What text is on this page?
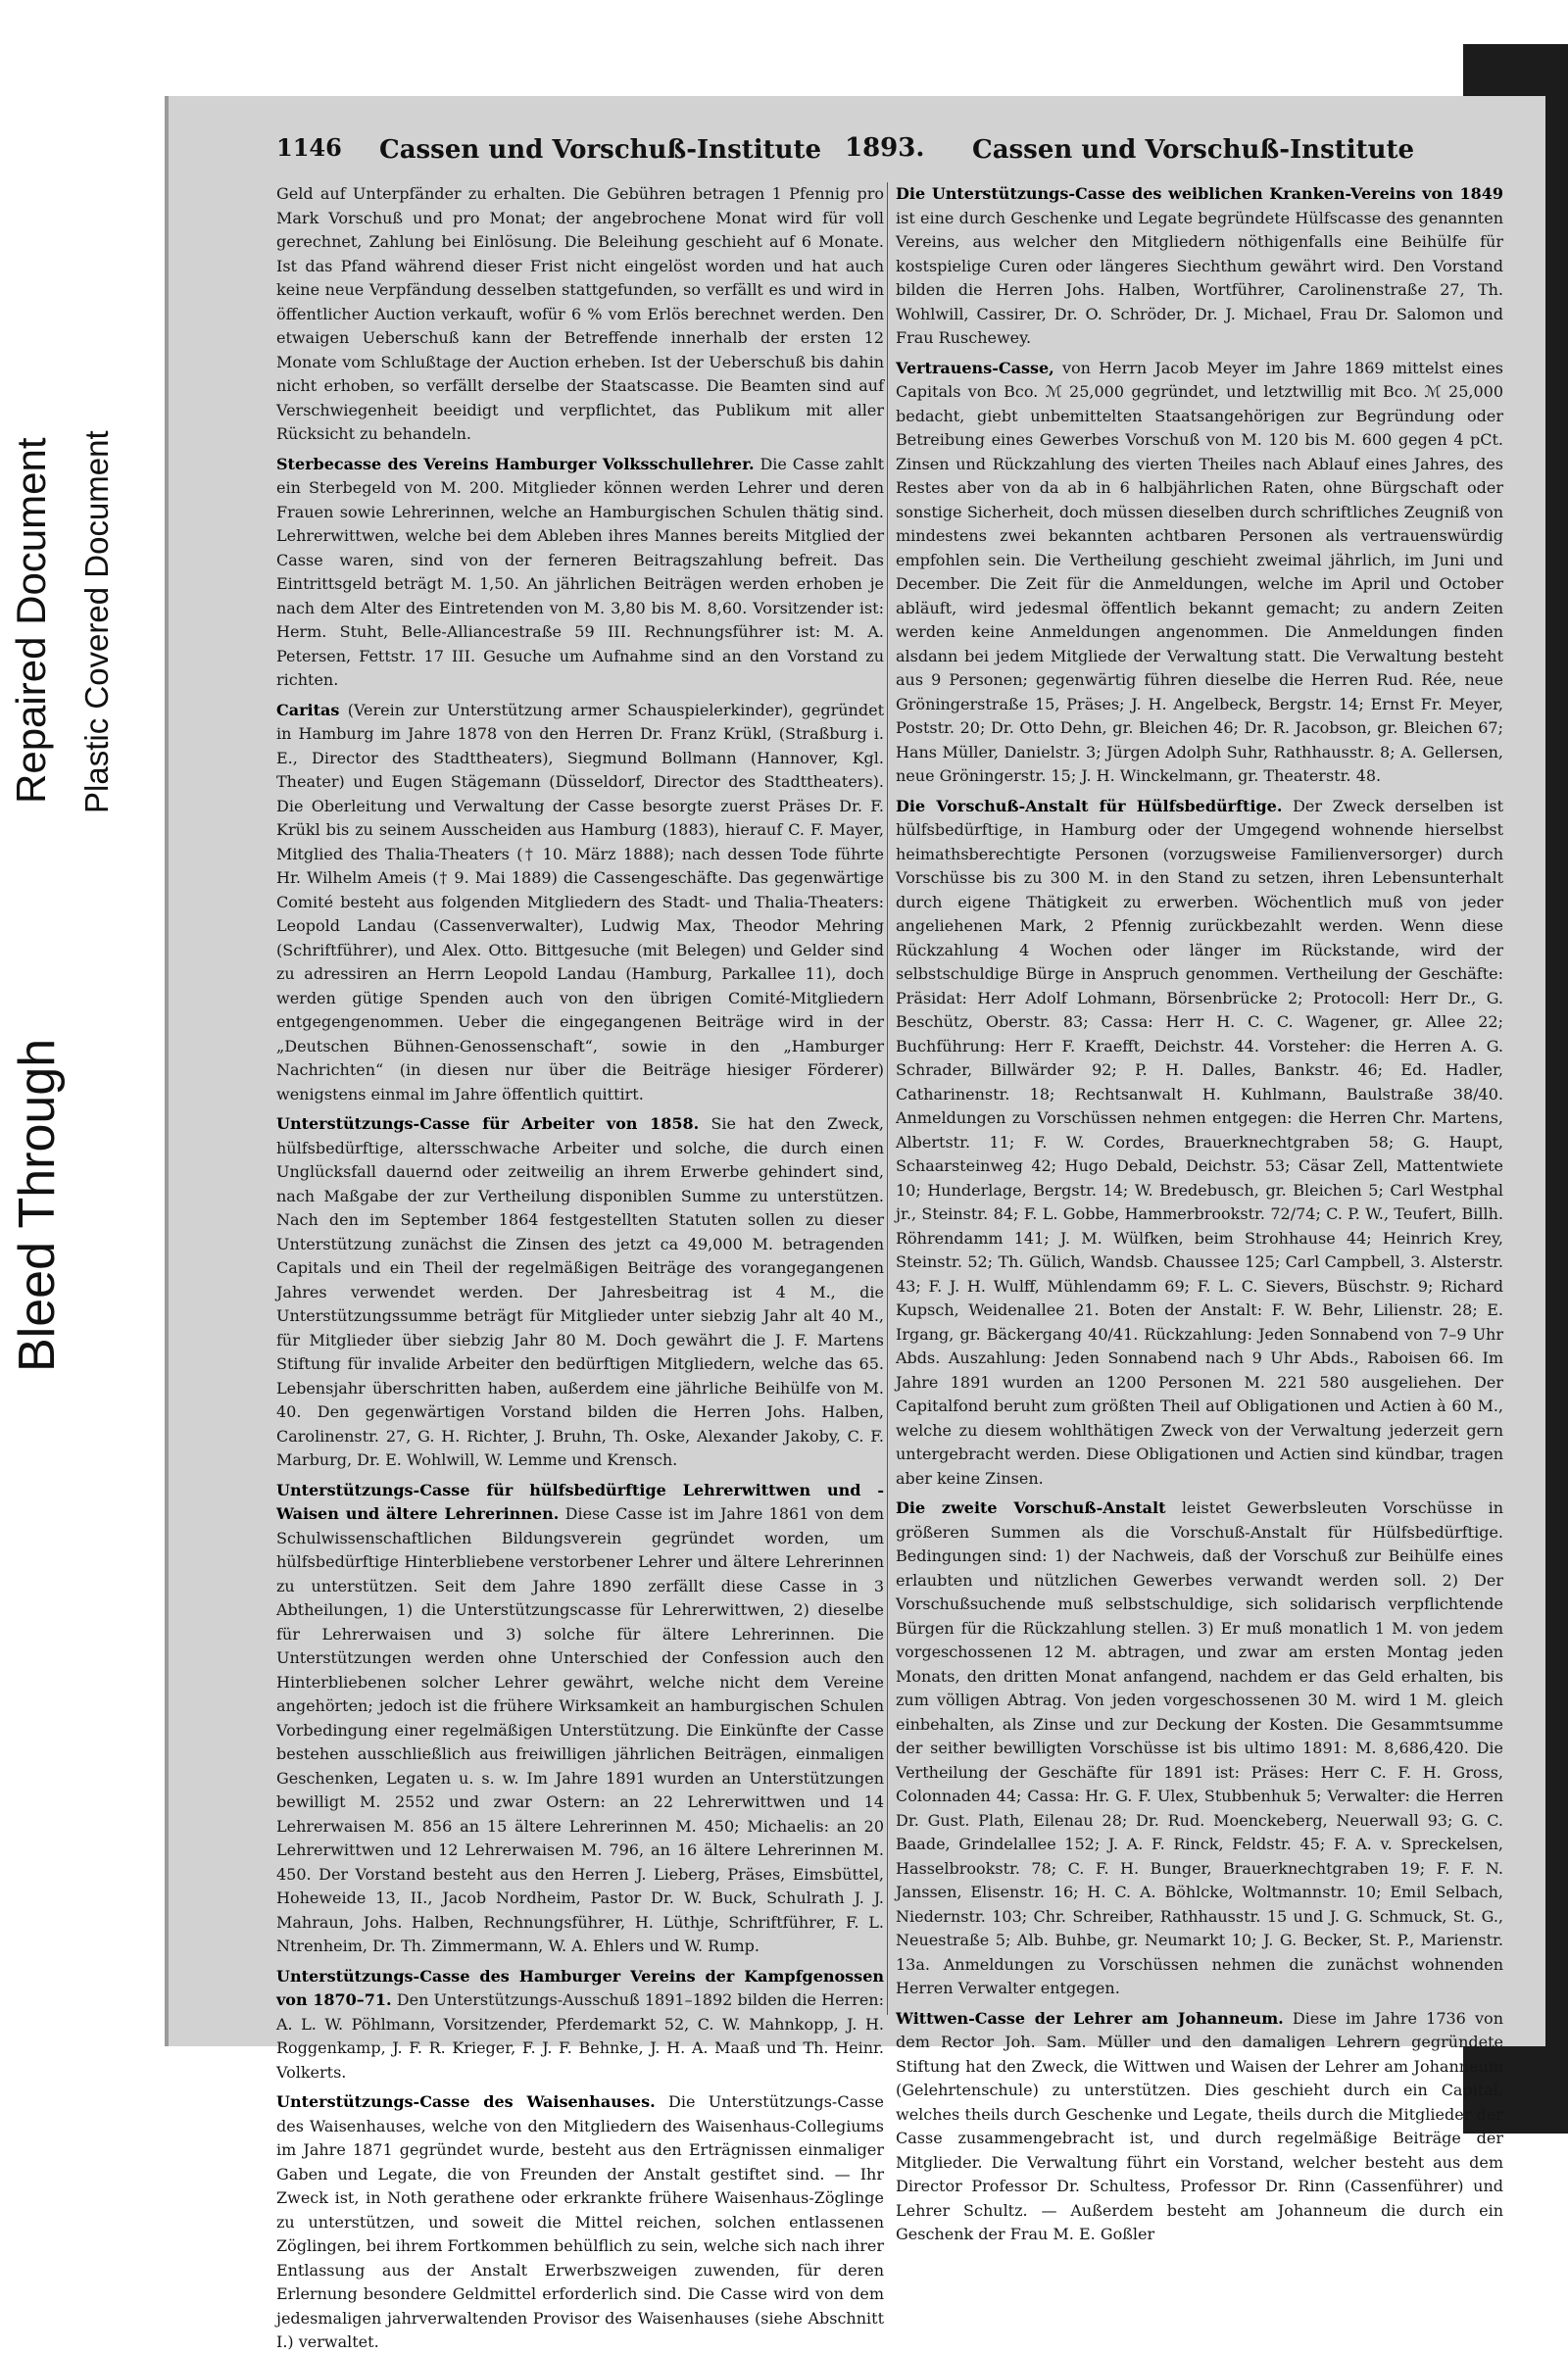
Bleed Through
Repaired Document Plastic Covered Document
1146 Cassen und Vorschuß-Institute 1893. Cassen und Vorschuß-Institute

Geld auf Unterpfänder zu erhalten. Die Gebühren betragen 1 Pfennig pro Mark Vorschuß und pro Monat; der angebrochene Monat wird für voll gerechnet, Zahlung bei Einlösung. Die Beleihung geschieht auf 6 Monate. Ist das Pfand während dieser Frist nicht eingelöst worden und hat auch keine neue Verpfändung desselben stattgefunden, so verfällt es und wird in öffentlicher Auction verkauft, wofür 6 % vom Erlös berechnet werden. Den etwaigen Ueberschuß kann der Betreffende innerhalb der ersten 12 Monate vom Schlußtage der Auction erheben. Ist der Ueberschuß bis dahin nicht erhoben, so verfällt derselbe der Staatscasse. Die Beamten sind auf Verschwiegenheit beeidigt und verpflichtet, das Publikum mit aller Rücksicht zu behandeln.

Sterbecasse des Vereins Hamburger Volksschullehrer. Die Casse zahlt ein Sterbegeld von M. 200. Mitglieder können werden Lehrer und deren Frauen sowie Lehrerinnen, welche an Hamburgischen Schulen thätig sind. Lehrerwittwen, welche bei dem Ableben ihres Mannes bereits Mitglied der Casse waren, sind von der ferneren Beitragszahlung befreit. Das Eintrittsgeld beträgt M. 1,50. An jährlichen Beiträgen werden erhoben je nach dem Alter des Eintretenden von M. 3,80 bis M. 8,60. Vorsitzender ist: Herm. Stuht, Belle-Alliancestraße 59 III. Rechnungsführer ist: M. A. Petersen, Fettstr. 17 III. Gesuche um Aufnahme sind an den Vorstand zu richten.

Caritas (Verein zur Unterstützung armer Schauspielerkinder), gegründet in Hamburg im Jahre 1878 von den Herren Dr. Franz Krükl, (Straßburg i. E., Director des Stadttheaters), Siegmund Bollmann (Hannover, Kgl. Theater) und Eugen Stägemann (Düsseldorf, Director des Stadttheaters). Die Oberleitung und Verwaltung der Casse besorgte zuerst Präses Dr. F. Krükl bis zu seinem Ausscheiden aus Hamburg (1883), hierauf C. F. Mayer, Mitglied des Thalia-Theaters († 10. März 1888); nach dessen Tode führte Hr. Wilhelm Ameis († 9. Mai 1889) die Cassengeschäfte. Das gegenwärtige Comité besteht aus folgenden Mitgliedern des Stadt- und Thalia-Theaters: Leopold Landau (Cassenverwalter), Ludwig Max, Theodor Mehring (Schriftführer), und Alex. Otto. Bittgesuche (mit Belegen) und Gelder sind zu adressiren an Herrn Leopold Landau (Hamburg, Parkallee 11), doch werden gütige Spenden auch von den übrigen Comité-Mitgliedern entgegengenommen. Ueber die eingegangenen Beiträge wird in der „Deutschen Bühnen-Genossenschaft“, sowie in den „Hamburger Nachrichten“ (in diesen nur über die Beiträge hiesiger Förderer) wenigstens einmal im Jahre öffentlich quittirt.

Unterstützungs-Casse für Arbeiter von 1858. Sie hat den Zweck, hülfsbedürftige, altersschwache Arbeiter und solche, die durch einen Unglücksfall dauernd oder zeitweilig an ihrem Erwerbe gehindert sind, nach Maßgabe der zur Vertheilung disponiblen Summe zu unterstützen. Nach den im September 1864 festgestellten Statuten sollen zu dieser Unterstützung zunächst die Zinsen des jetzt ca 49,000 M. betragenden Capitals und ein Theil der regelmäßigen Beiträge des vorangegangenen Jahres verwendet werden. Der Jahresbeitrag ist 4 M., die Unterstützungssumme beträgt für Mitglieder unter siebzig Jahr alt 40 M., für Mitglieder über siebzig Jahr 80 M. Doch gewährt die J. F. Martens Stiftung für invalide Arbeiter den bedürftigen Mitgliedern, welche das 65. Lebensjahr überschritten haben, außerdem eine jährliche Beihülfe von M. 40. Den gegenwärtigen Vorstand bilden die Herren Johs. Halben, Carolinenstr. 27, G. H. Richter, J. Bruhn, Th. Oske, Alexander Jakoby, C. F. Marburg, Dr. E. Wohlwill, W. Lemme und Krensch.

Unterstützungs-Casse für hülfsbedürftige Lehrerwittwen und -Waisen und ältere Lehrerinnen. Diese Casse ist im Jahre 1861 von dem Schulwissenschaftlichen Bildungsverein gegründet worden, um hülfsbedürftige Hinterbliebene verstorbener Lehrer und ältere Lehrerinnen zu unterstützen. Seit dem Jahre 1890 zerfällt diese Casse in 3 Abtheilungen, 1) die Unterstützungscasse für Lehrerwittwen, 2) dieselbe für Lehrerwaisen und 3) solche für ältere Lehrerinnen. Die Unterstützungen werden ohne Unterschied der Confession auch den Hinterbliebenen solcher Lehrer gewährt, welche nicht dem Vereine angehörten; jedoch ist die frühere Wirksamkeit an hamburgischen Schulen Vorbedingung einer regelmäßigen Unterstützung. Die Einkünfte der Casse bestehen ausschließlich aus freiwilligen jährlichen Beiträgen, einmaligen Geschenken, Legaten u. s. w. Im Jahre 1891 wurden an Unterstützungen bewilligt M. 2552 und zwar Ostern: an 22 Lehrerwittwen und 14 Lehrerwaisen M. 856 an 15 ältere Lehrerinnen M. 450; Michaelis: an 20 Lehrerwittwen und 12 Lehrerwaisen M. 796, an 16 ältere Lehrerinnen M. 450. Der Vorstand besteht aus den Herren J. Lieberg, Präses, Eimsbüttel, Hoheweide 13, II., Jacob Nordheim, Pastor Dr. W. Buck, Schulrath J. J. Mahraun, Johs. Halben, Rechnungsführer, H. Lüthje, Schriftführer, F. L. Ntrenheim, Dr. Th. Zimmermann, W. A. Ehlers und W. Rump.

Unterstützungs-Casse des Hamburger Vereins der Kampfgenossen von 1870–71. Den Unterstützungs-Ausschuß 1891–1892 bilden die Herren: A. L. W. Pöhlmann, Vorsitzender, Pferdemarkt 52, C. W. Mahnkopp, J. H. Roggenkamp, J. F. R. Krieger, F. J. F. Behnke, J. H. A. Maaß und Th. Heinr. Volkerts.

Unterstützungs-Casse des Waisenhauses. Die Unterstützungs-Casse des Waisenhauses, welche von den Mitgliedern des Waisenhaus-Collegiums im Jahre 1871 gegründet wurde, besteht aus den Erträgnissen einmaliger Gaben und Legate, die von Freunden der Anstalt gestiftet sind. — Ihr Zweck ist, in Noth gerathene oder erkrankte frühere Waisenhaus-Zöglinge zu unterstützen, und soweit die Mittel reichen, solchen entlassenen Zöglingen, bei ihrem Fortkommen behülflich zu sein, welche sich nach ihrer Entlassung aus der Anstalt Erwerbszweigen zuwenden, für deren Erlernung besondere Geldmittel erforderlich sind. Die Casse wird von dem jedesmaligen jahrverwaltenden Provisor des Waisenhauses (siehe Abschnitt I.) verwaltet.

Die Unterstützungs-Casse des weiblichen Kranken-Vereins von 1849 ist eine durch Geschenke und Legate begründete Hülfscasse des genannten Vereins, aus welcher den Mitgliedern nöthigenfalls eine Beihülfe für kostspielige Curen oder längeres Siechthum gewährt wird. Den Vorstand bilden die Herren Johs. Halben, Wortführer, Carolinenstraße 27, Th. Wohlwill, Cassirer, Dr. O. Schröder, Dr. J. Michael, Frau Dr. Salomon und Frau Ruschewey.

Vertrauens-Casse, von Herrn Jacob Meyer im Jahre 1869 mittelst eines Capitals von Bco. ℳ 25,000 gegründet, und letztwillig mit Bco. ℳ 25,000 bedacht, giebt unbemittelten Staatsangehörigen zur Begründung oder Betreibung eines Gewerbes Vorschuß von M. 120 bis M. 600 gegen 4 pCt. Zinsen und Rückzahlung des vierten Theiles nach Ablauf eines Jahres, des Restes aber von da ab in 6 halbjährlichen Raten, ohne Bürgschaft oder sonstige Sicherheit, doch müssen dieselben durch schriftliches Zeugniß von mindestens zwei bekannten achtbaren Personen als vertrauenswürdig empfohlen sein. Die Vertheilung geschieht zweimal jährlich, im Juni und December. Die Zeit für die Anmeldungen, welche im April und October abläuft, wird jedesmal öffentlich bekannt gemacht; zu andern Zeiten werden keine Anmeldungen angenommen. Die Anmeldungen finden alsdann bei jedem Mitgliede der Verwaltung statt. Die Verwaltung besteht aus 9 Personen; gegenwärtig führen dieselbe die Herren Rud. Rée, neue Gröningerstraße 15, Präses; J. H. Angelbeck, Bergstr. 14; Ernst Fr. Meyer, Poststr. 20; Dr. Otto Dehn, gr. Bleichen 46; Dr. R. Jacobson, gr. Bleichen 67; Hans Müller, Danielstr. 3; Jürgen Adolph Suhr, Rathhausstr. 8; A. Gellersen, neue Gröningerstr. 15; J. H. Winckelmann, gr. Theaterstr. 48.

Die Vorschuß-Anstalt für Hülfsbedürftige. Der Zweck derselben ist hülfsbedürftige, in Hamburg oder der Umgegend wohnende hierselbst heimathsberechtigte Personen (vorzugsweise Familienversorger) durch Vorschüsse bis zu 300 M. in den Stand zu setzen, ihren Lebensunterhalt durch eigene Thätigkeit zu erwerben. Wöchentlich muß von jeder angeliehenen Mark, 2 Pfennig zurückbezahlt werden. Wenn diese Rückzahlung 4 Wochen oder länger im Rückstande, wird der selbstschuldige Bürge in Anspruch genommen. Vertheilung der Geschäfte: Präsidat: Herr Adolf Lohmann, Börsenbrücke 2; Protocoll: Herr Dr., G. Beschütz, Oberstr. 83; Cassa: Herr H. C. C. Wagener, gr. Allee 22; Buchführung: Herr F. Kraefft, Deichstr. 44. Vorsteher: die Herren A. G. Schrader, Billwärder 92; P. H. Dalles, Bankstr. 46; Ed. Hadler, Catharinenstr. 18; Rechtsanwalt H. Kuhlmann, Baulstraße 38/40. Anmeldungen zu Vorschüssen nehmen entgegen: die Herren Chr. Martens, Albertstr. 11; F. W. Cordes, Brauerknechtgraben 58; G. Haupt, Schaarsteinweg 42; Hugo Debald, Deichstr. 53; Cäsar Zell, Mattentwiete 10; Hunderlage, Bergstr. 14; W. Bredebusch, gr. Bleichen 5; Carl Westphal jr., Steinstr. 84; F. L. Gobbe, Hammerbrookstr. 72/74; C. P. W., Teufert, Billh. Röhrendamm 141; J. M. Wülfken, beim Strohhause 44; Heinrich Krey, Steinstr. 52; Th. Gülich, Wandsb. Chaussee 125; Carl Campbell, 3. Alsterstr. 43; F. J. H. Wulff, Mühlendamm 69; F. L. C. Sievers, Büschstr. 9; Richard Kupsch, Weidenallee 21. Boten der Anstalt: F. W. Behr, Lilienstr. 28; E. Irgang, gr. Bäckergang 40/41. Rückzahlung: Jeden Sonnabend von 7–9 Uhr Abds. Auszahlung: Jeden Sonnabend nach 9 Uhr Abds., Raboisen 66. Im Jahre 1891 wurden an 1200 Personen M. 221 580 ausgeliehen. Der Capitalfond beruht zum größten Theil auf Obligationen und Actien à 60 M., welche zu diesem wohlthätigen Zweck von der Verwaltung jederzeit gern untergebracht werden. Diese Obligationen und Actien sind kündbar, tragen aber keine Zinsen.

Die zweite Vorschuß-Anstalt leistet Gewerbsleuten Vorschüsse in größeren Summen als die Vorschuß-Anstalt für Hülfsbedürftige. Bedingungen sind: 1) der Nachweis, daß der Vorschuß zur Beihülfe eines erlaubten und nützlichen Gewerbes verwandt werden soll. 2) Der Vorschußsuchende muß selbstschuldige, sich solidarisch verpflichtende Bürgen für die Rückzahlung stellen. 3) Er muß monatlich 1 M. von jedem vorgeschossenen 12 M. abtragen, und zwar am ersten Montag jeden Monats, den dritten Monat anfangend, nachdem er das Geld erhalten, bis zum völligen Abtrag. Von jeden vorgeschossenen 30 M. wird 1 M. gleich einbehalten, als Zinse und zur Deckung der Kosten. Die Gesammtsumme der seither bewilligten Vorschüsse ist bis ultimo 1891: M. 8,686,420. Die Vertheilung der Geschäfte für 1891 ist: Präses: Herr C. F. H. Gross, Colonnaden 44; Cassa: Hr. G. F. Ulex, Stubbenhuk 5; Verwalter: die Herren Dr. Gust. Plath, Eilenau 28; Dr. Rud. Moenckeberg, Neuerwall 93; G. C. Baade, Grindelallee 152; J. A. F. Rinck, Feldstr. 45; F. A. v. Spreckelsen, Hasselbrookstr. 78; C. F. H. Bunger, Brauerknechtgraben 19; F. F. N. Janssen, Elisenstr. 16; H. C. A. Böhlcke, Woltmannstr. 10; Emil Selbach, Niedernstr. 103; Chr. Schreiber, Rathhausstr. 15 und J. G. Schmuck, St. G., Neuestraße 5; Alb. Buhbe, gr. Neumarkt 10; J. G. Becker, St. P., Marienstr. 13a. Anmeldungen zu Vorschüssen nehmen die zunächst wohnenden Herren Verwalter entgegen.

Wittwen-Casse der Lehrer am Johanneum. Diese im Jahre 1736 von dem Rector Joh. Sam. Müller und den damaligen Lehrern gegründete Stiftung hat den Zweck, die Wittwen und Waisen der Lehrer am Johanneum (Gelehrtenschule) zu unterstützen. Dies geschieht durch ein Capital, welches theils durch Geschenke und Legate, theils durch die Mitglieder der Casse zusammengebracht ist, und durch regelmäßige Beiträge der Mitglieder. Die Verwaltung führt ein Vorstand, welcher besteht aus dem Director Professor Dr. Schultess, Professor Dr. Rinn (Cassenführer) und Lehrer Schultz. — Außerdem besteht am Johanneum die durch ein Geschenk der Frau M. E. Goßler
